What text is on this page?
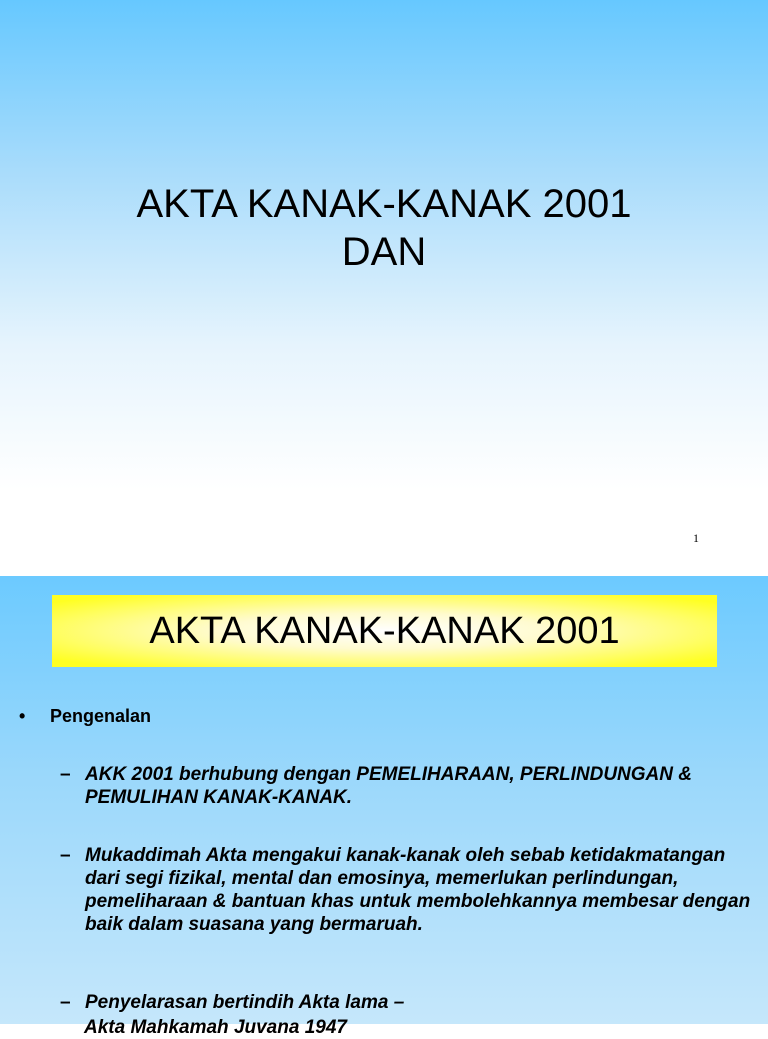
AKTA KANAK-KANAK 2001
DAN
1
AKTA KANAK-KANAK 2001
•	Pengenalan
– AKK 2001 berhubung dengan PEMELIHARAAN, PERLINDUNGAN & PEMULIHAN KANAK-KANAK.
– Mukaddimah Akta mengakui kanak-kanak oleh sebab ketidakmatangan dari segi fizikal, mental dan emosinya, memerlukan perlindungan, pemeliharaan & bantuan khas untuk membolehkannya membesar dengan baik dalam suasana yang bermaruah.
– Penyelarasan bertindih Akta lama –
Akta Mahkamah Juvana 1947
